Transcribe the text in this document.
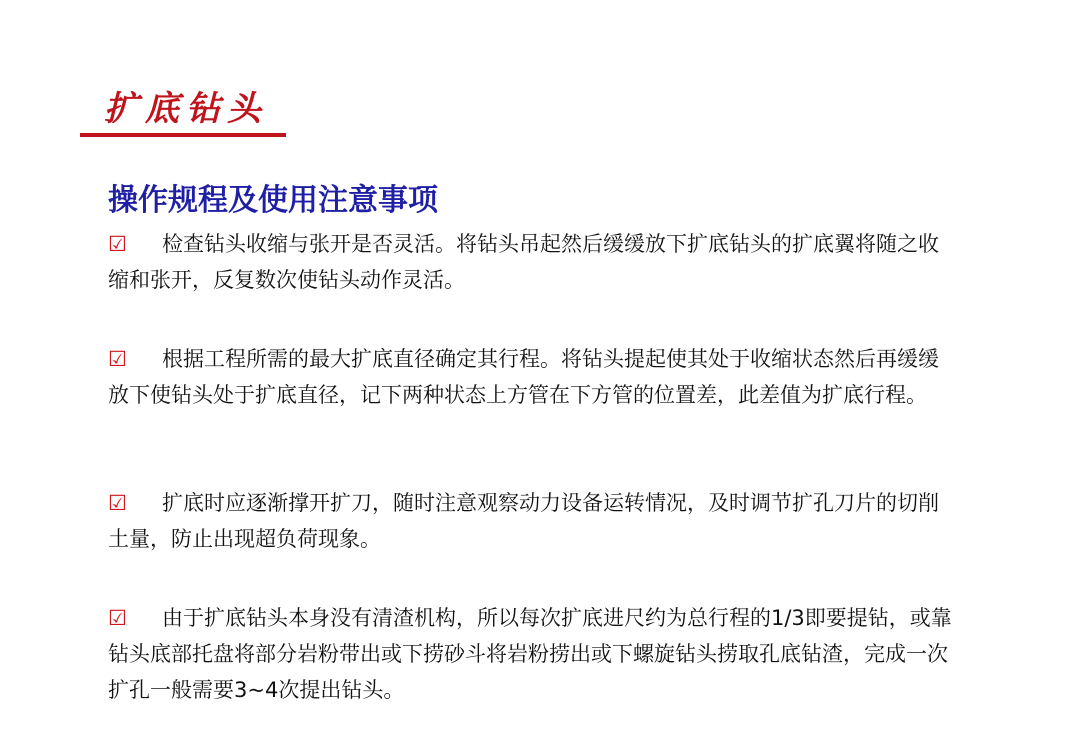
扩底钻头
操作规程及使用注意事项
☑ 检查钻头收缩与张开是否灵活。将钻头吊起然后缓缓放下扩底钻头的扩底翼将随之收缩和张开，反复数次使钻头动作灵活。
☑ 根据工程所需的最大扩底直径确定其行程。将钻头提起使其处于收缩状态然后再缓缓放下使钻头处于扩底直径，记下两种状态上方管在下方管的位置差，此差值为扩底行程。
☑ 扩底时应逐渐撑开扩刀，随时注意观察动力设备运转情况，及时调节扩孔刀片的切削土量，防止出现超负荷现象。
☑ 由于扩底钻头本身没有清渣机构，所以每次扩底进尺约为总行程的1/3即要提钻，或靠钻头底部托盘将部分岩粉带出或下捞砂斗将岩粉捞出或下螺旋钻头捞取孔底钻渣，完成一次扩孔一般需要3~4次提出钻头。
